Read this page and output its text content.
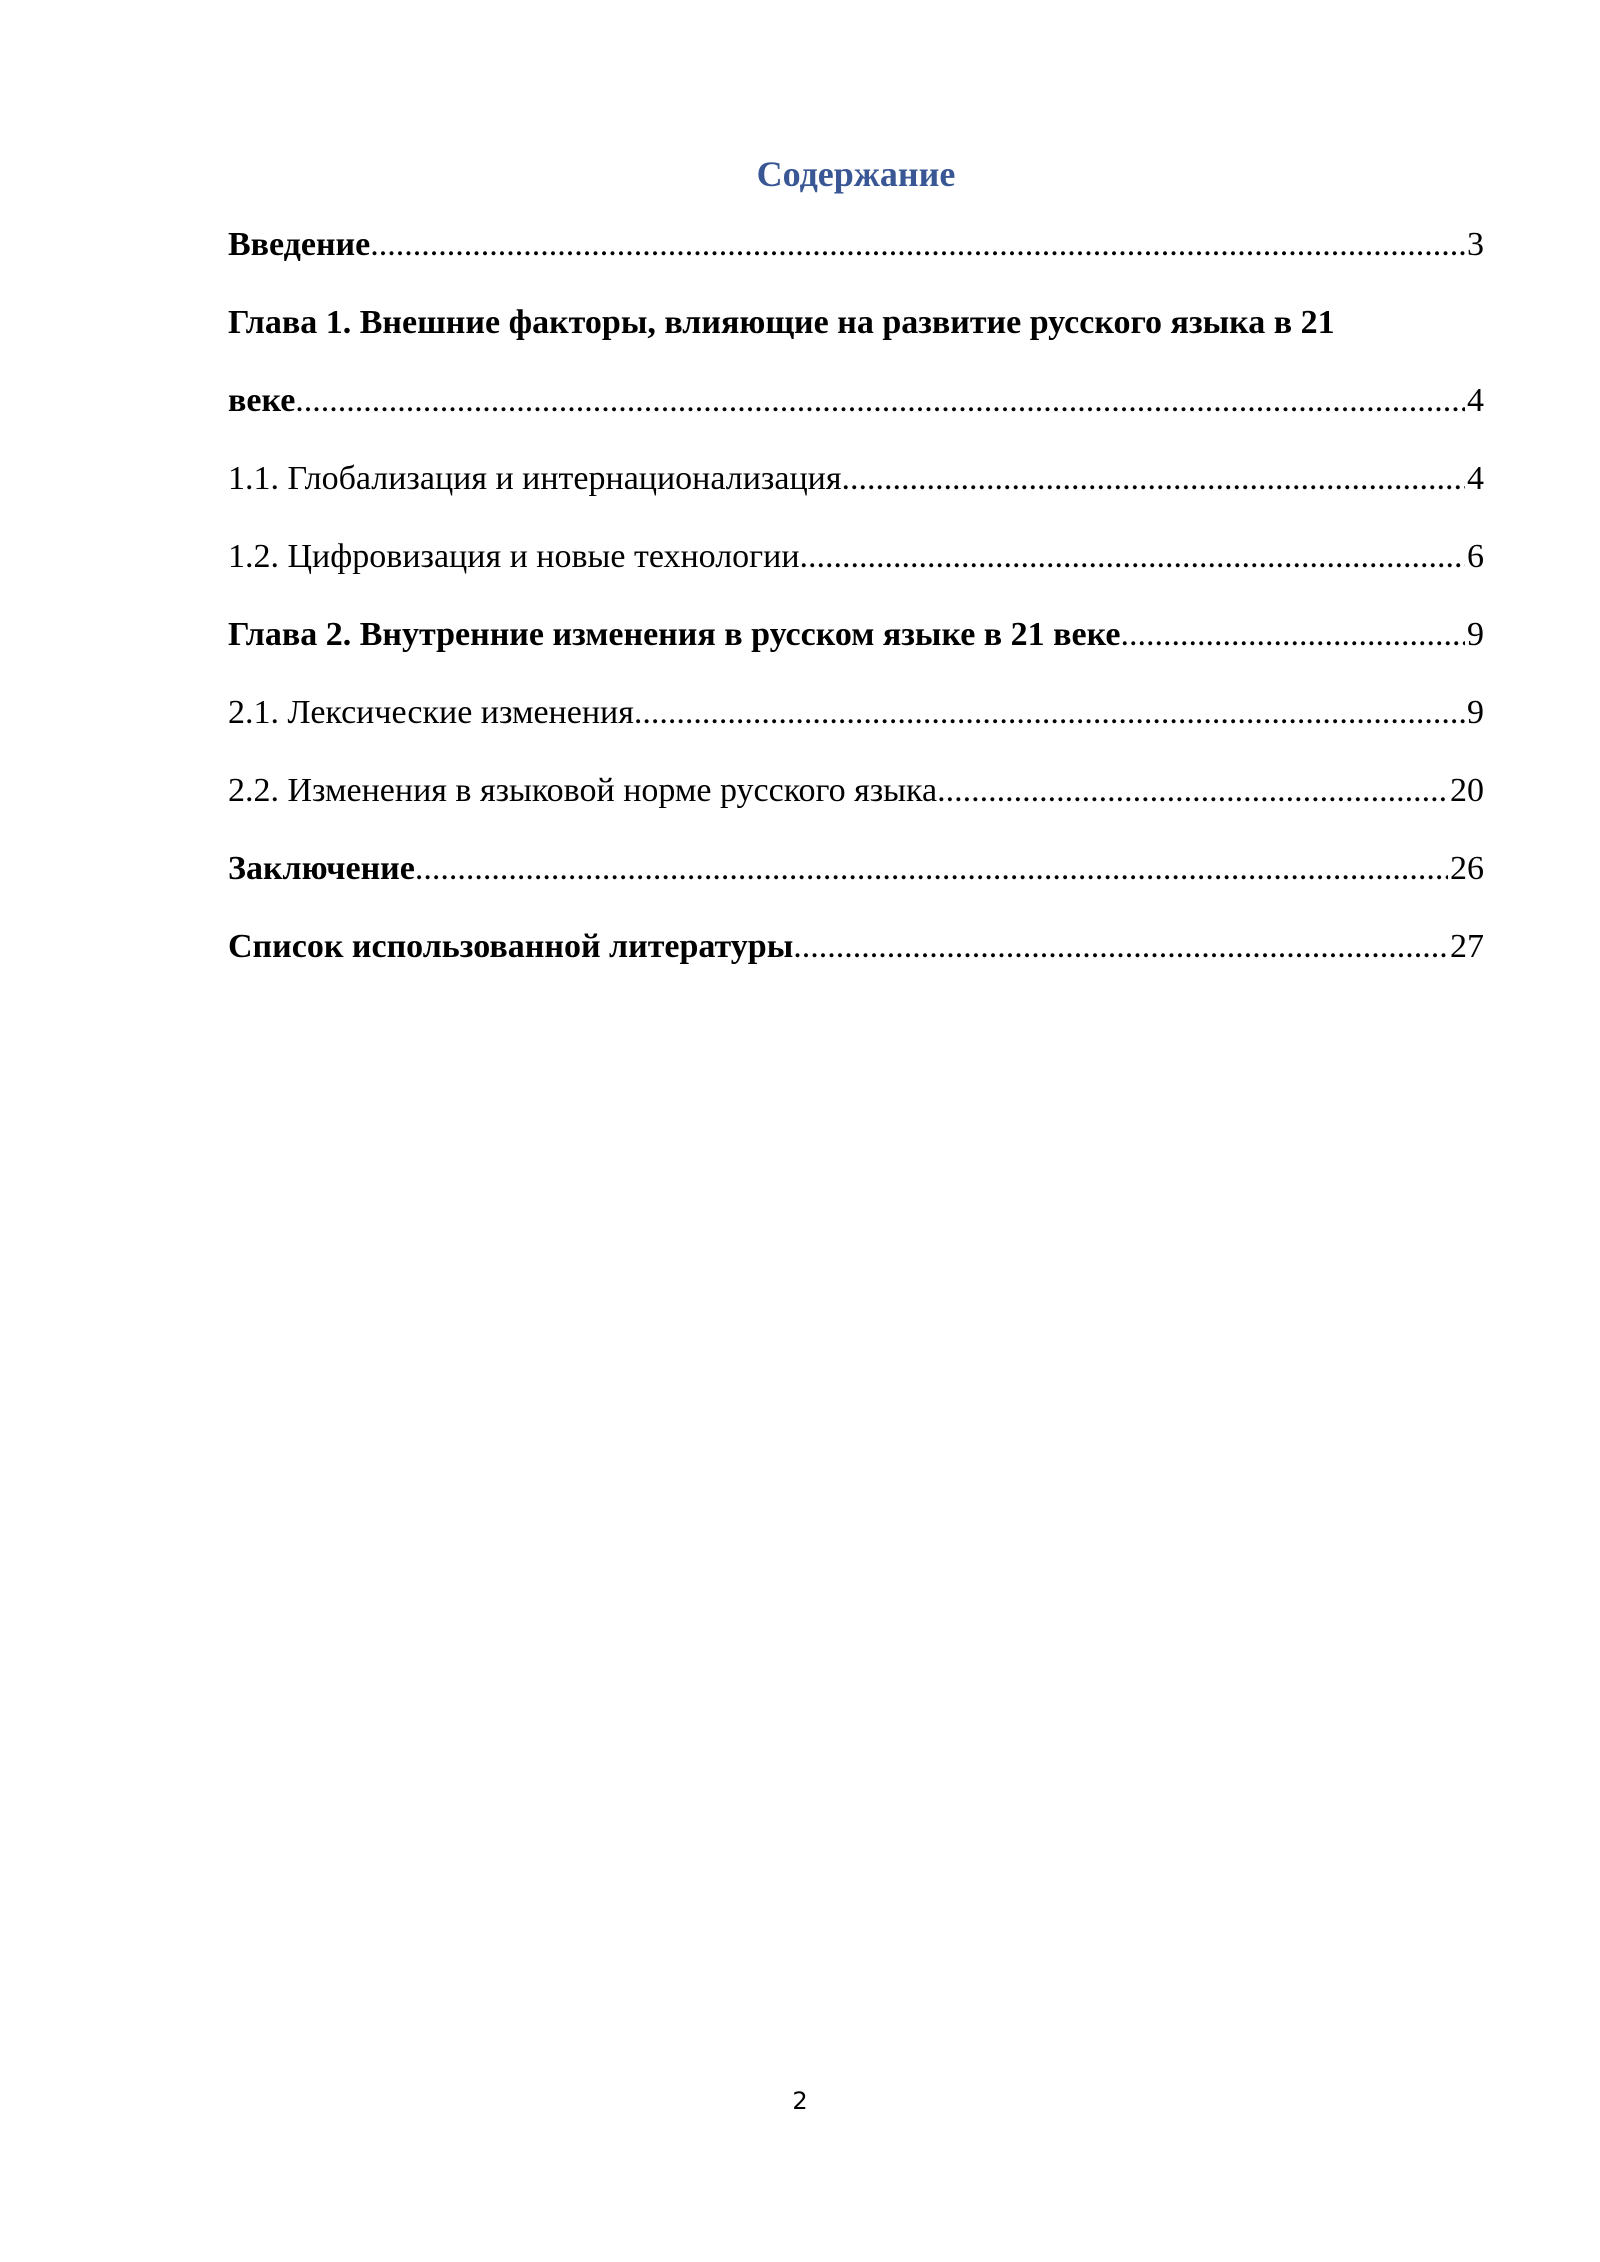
Содержание
Введение .....	3
Глава 1. Внешние факторы, влияющие на развитие русского языка в 21
веке .....	4
1.1. Глобализация и интернационализация .....	4
1.2. Цифровизация и новые технологии .....	6
Глава 2. Внутренние изменения в русском языке в 21 веке .....	9
2.1. Лексические изменения .....	9
2.2. Изменения в языковой норме русского языка .....	20
Заключение .....	26
Список использованной литературы .....	27
2
